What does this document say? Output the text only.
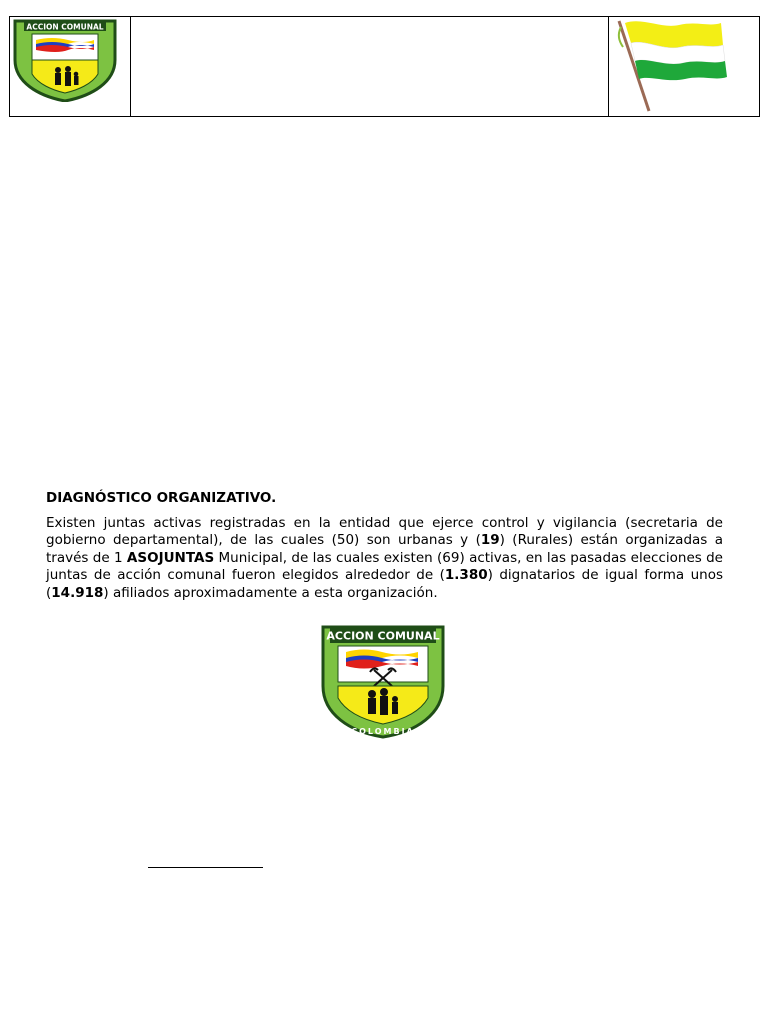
ACCION COMUNAL
DIAGNÓSTICO ORGANIZATIVO.

Existen juntas activas registradas en la entidad que ejerce control y vigilancia (secretaria de gobierno departamental), de las cuales (50) son urbanas y (19) (Rurales) están organizadas a través de 1 ASOJUNTAS Municipal, de las cuales existen (69) activas, en las pasadas elecciones de juntas de acción comunal fueron elegidos alrededor de (1.380) dignatarios de igual forma unos (14.918) afiliados aproximadamente a esta organización.

ACCION COMUNAL
COLOMBIA
